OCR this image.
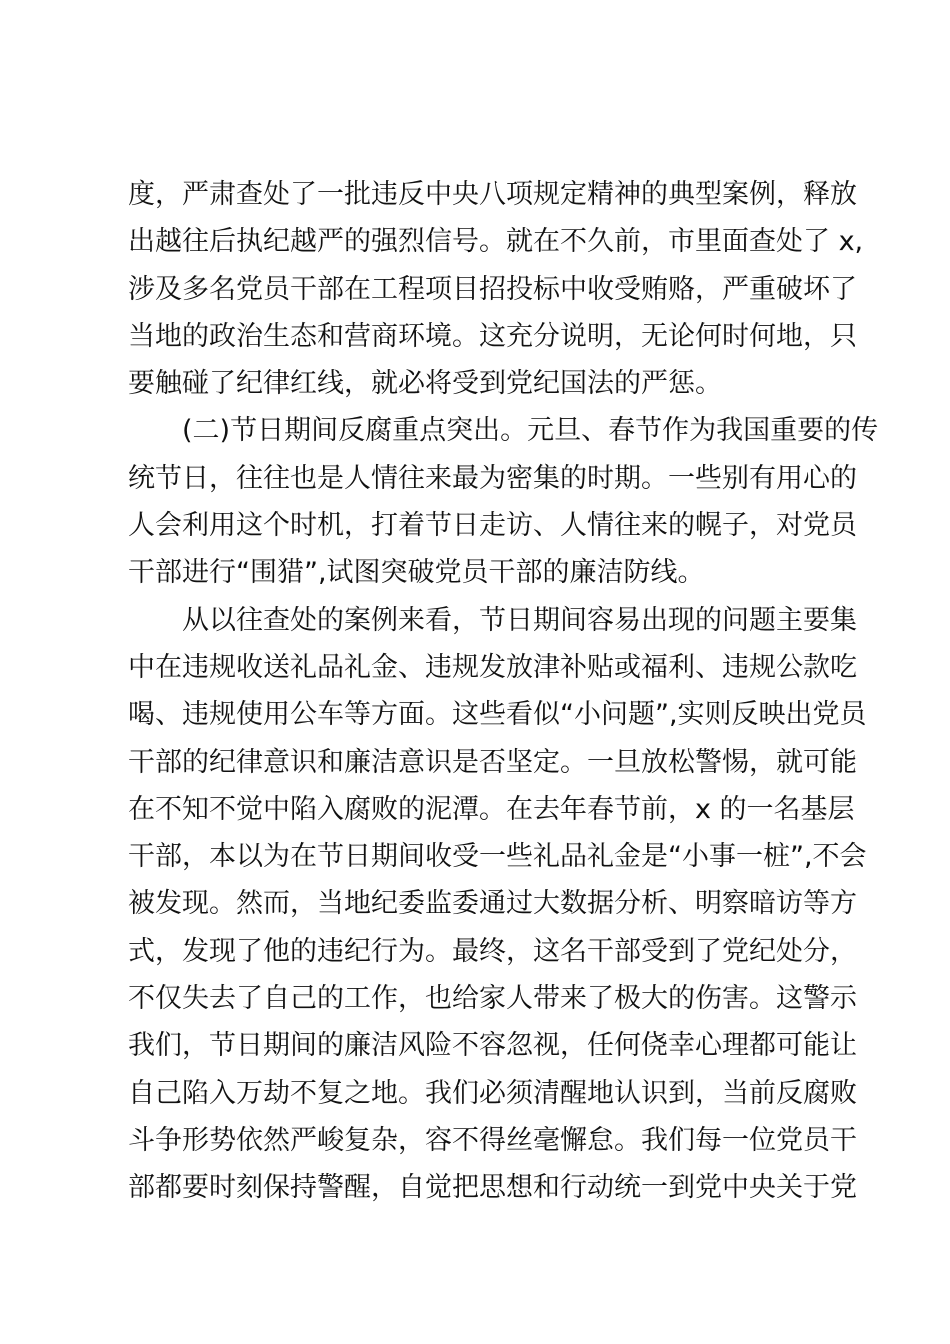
度，严肃查处了一批违反中央八项规定精神的典型案例，释放
出越往后执纪越严的强烈信号。就在不久前，市里面查处了 x,
涉及多名党员干部在工程项目招投标中收受贿赂，严重破坏了
当地的政治生态和营商环境。这充分说明，无论何时何地，只
要触碰了纪律红线，就必将受到党纪国法的严惩。
(二)节日期间反腐重点突出。元旦、春节作为我国重要的传
统节日，往往也是人情往来最为密集的时期。一些别有用心的
人会利用这个时机，打着节日走访、人情往来的幌子，对党员
干部进行“围猎”,试图突破党员干部的廉洁防线。
从以往查处的案例来看，节日期间容易出现的问题主要集
中在违规收送礼品礼金、违规发放津补贴或福利、违规公款吃
喝、违规使用公车等方面。这些看似“小问题”,实则反映出党员
干部的纪律意识和廉洁意识是否坚定。一旦放松警惕，就可能
在不知不觉中陷入腐败的泥潭。在去年春节前，x 的一名基层
干部，本以为在节日期间收受一些礼品礼金是“小事一桩”,不会
被发现。然而，当地纪委监委通过大数据分析、明察暗访等方
式，发现了他的违纪行为。最终，这名干部受到了党纪处分，
不仅失去了自己的工作，也给家人带来了极大的伤害。这警示
我们，节日期间的廉洁风险不容忽视，任何侥幸心理都可能让
自己陷入万劫不复之地。我们必须清醒地认识到，当前反腐败
斗争形势依然严峻复杂，容不得丝毫懈怠。我们每一位党员干
部都要时刻保持警醒，自觉把思想和行动统一到党中央关于党
